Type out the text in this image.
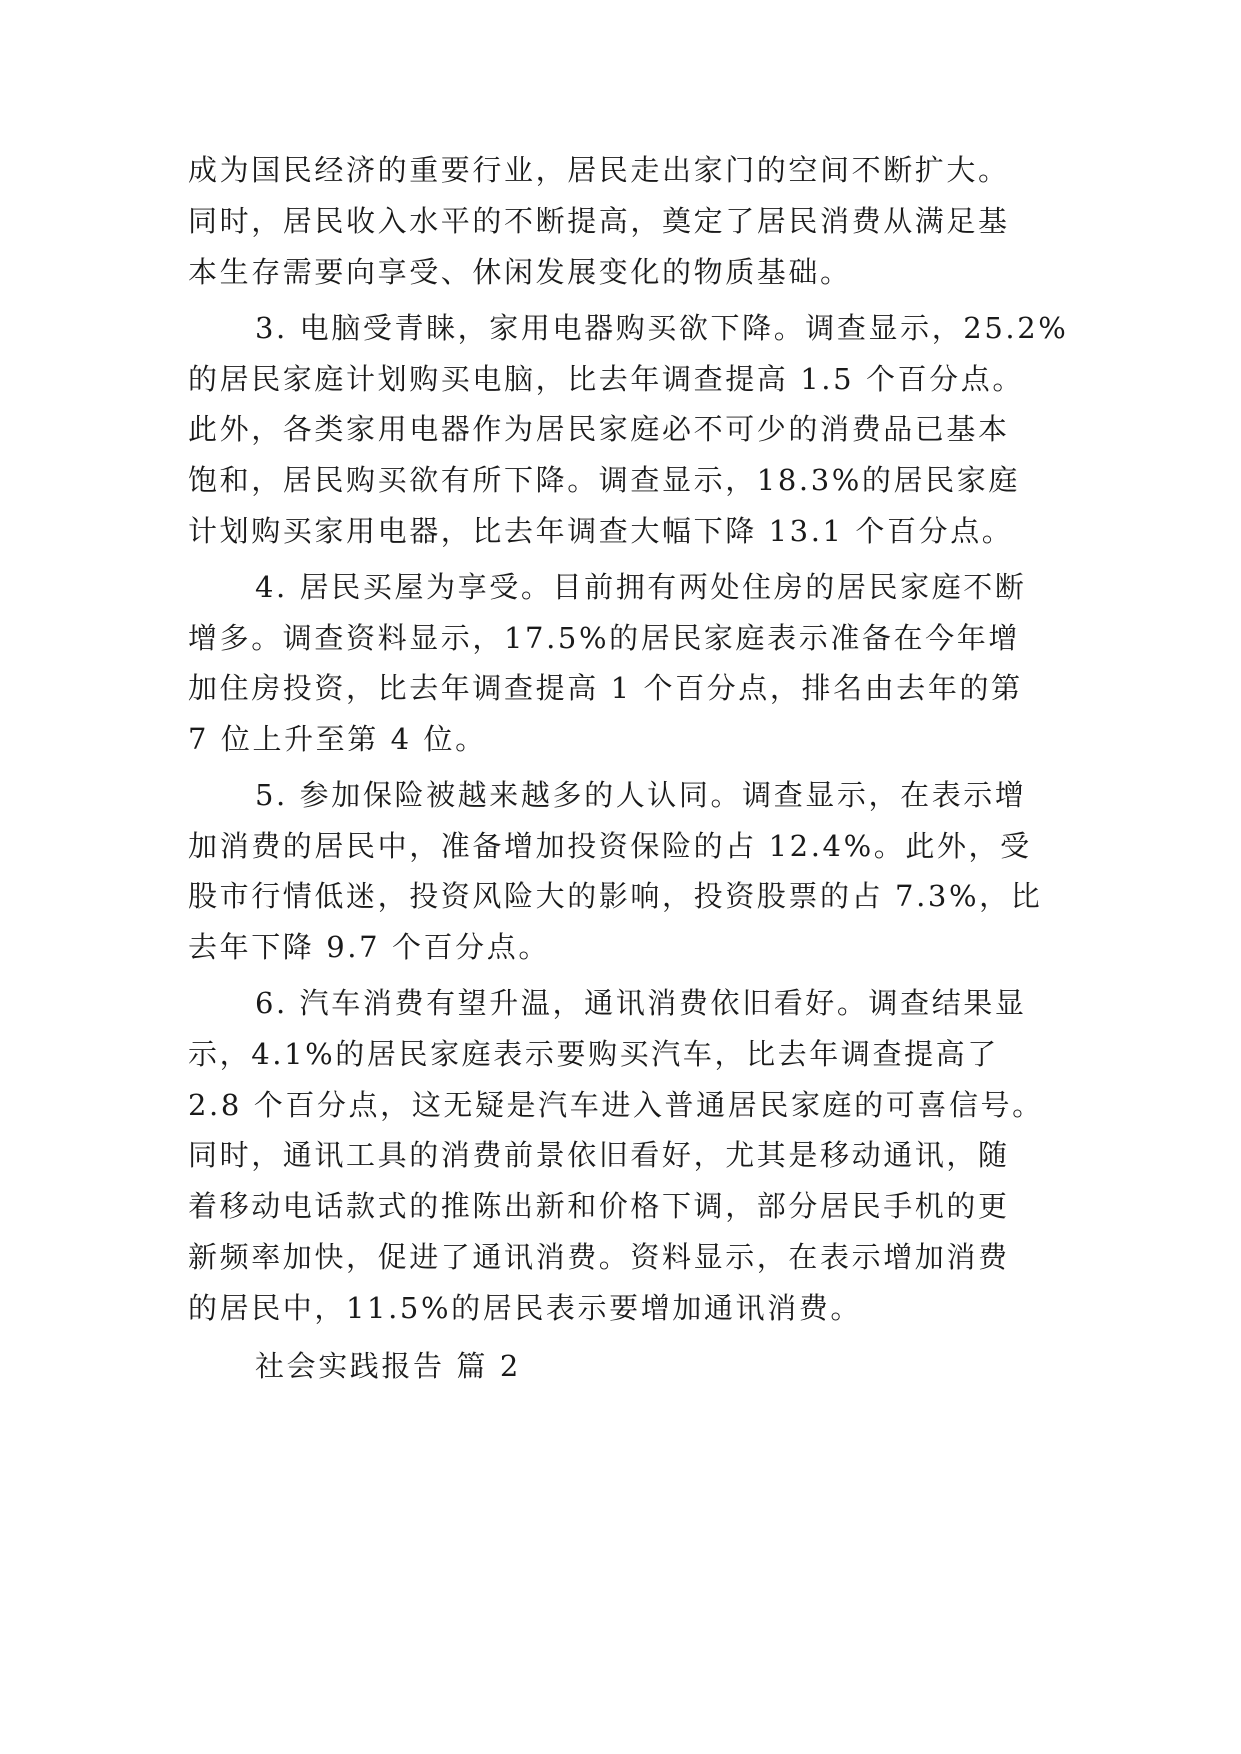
成为国民经济的重要行业，居民走出家门的空间不断扩大。
同时，居民收入水平的不断提高，奠定了居民消费从满足基
本生存需要向享受、休闲发展变化的物质基础。
3. 电脑受青睐，家用电器购买欲下降。调查显示，25.2%
的居民家庭计划购买电脑，比去年调查提高 1.5 个百分点。
此外，各类家用电器作为居民家庭必不可少的消费品已基本
饱和，居民购买欲有所下降。调查显示，18.3%的居民家庭
计划购买家用电器，比去年调查大幅下降 13.1 个百分点。
4. 居民买屋为享受。目前拥有两处住房的居民家庭不断
增多。调查资料显示，17.5%的居民家庭表示准备在今年增
加住房投资，比去年调查提高 1 个百分点，排名由去年的第
7 位上升至第 4 位。
5. 参加保险被越来越多的人认同。调查显示，在表示增
加消费的居民中，准备增加投资保险的占 12.4%。此外，受
股市行情低迷，投资风险大的影响，投资股票的占 7.3%，比
去年下降 9.7 个百分点。
6. 汽车消费有望升温，通讯消费依旧看好。调查结果显
示，4.1%的居民家庭表示要购买汽车，比去年调查提高了
2.8 个百分点，这无疑是汽车进入普通居民家庭的可喜信号。
同时，通讯工具的消费前景依旧看好，尤其是移动通讯，随
着移动电话款式的推陈出新和价格下调，部分居民手机的更
新频率加快，促进了通讯消费。资料显示，在表示增加消费
的居民中，11.5%的居民表示要增加通讯消费。
社会实践报告 篇 2
